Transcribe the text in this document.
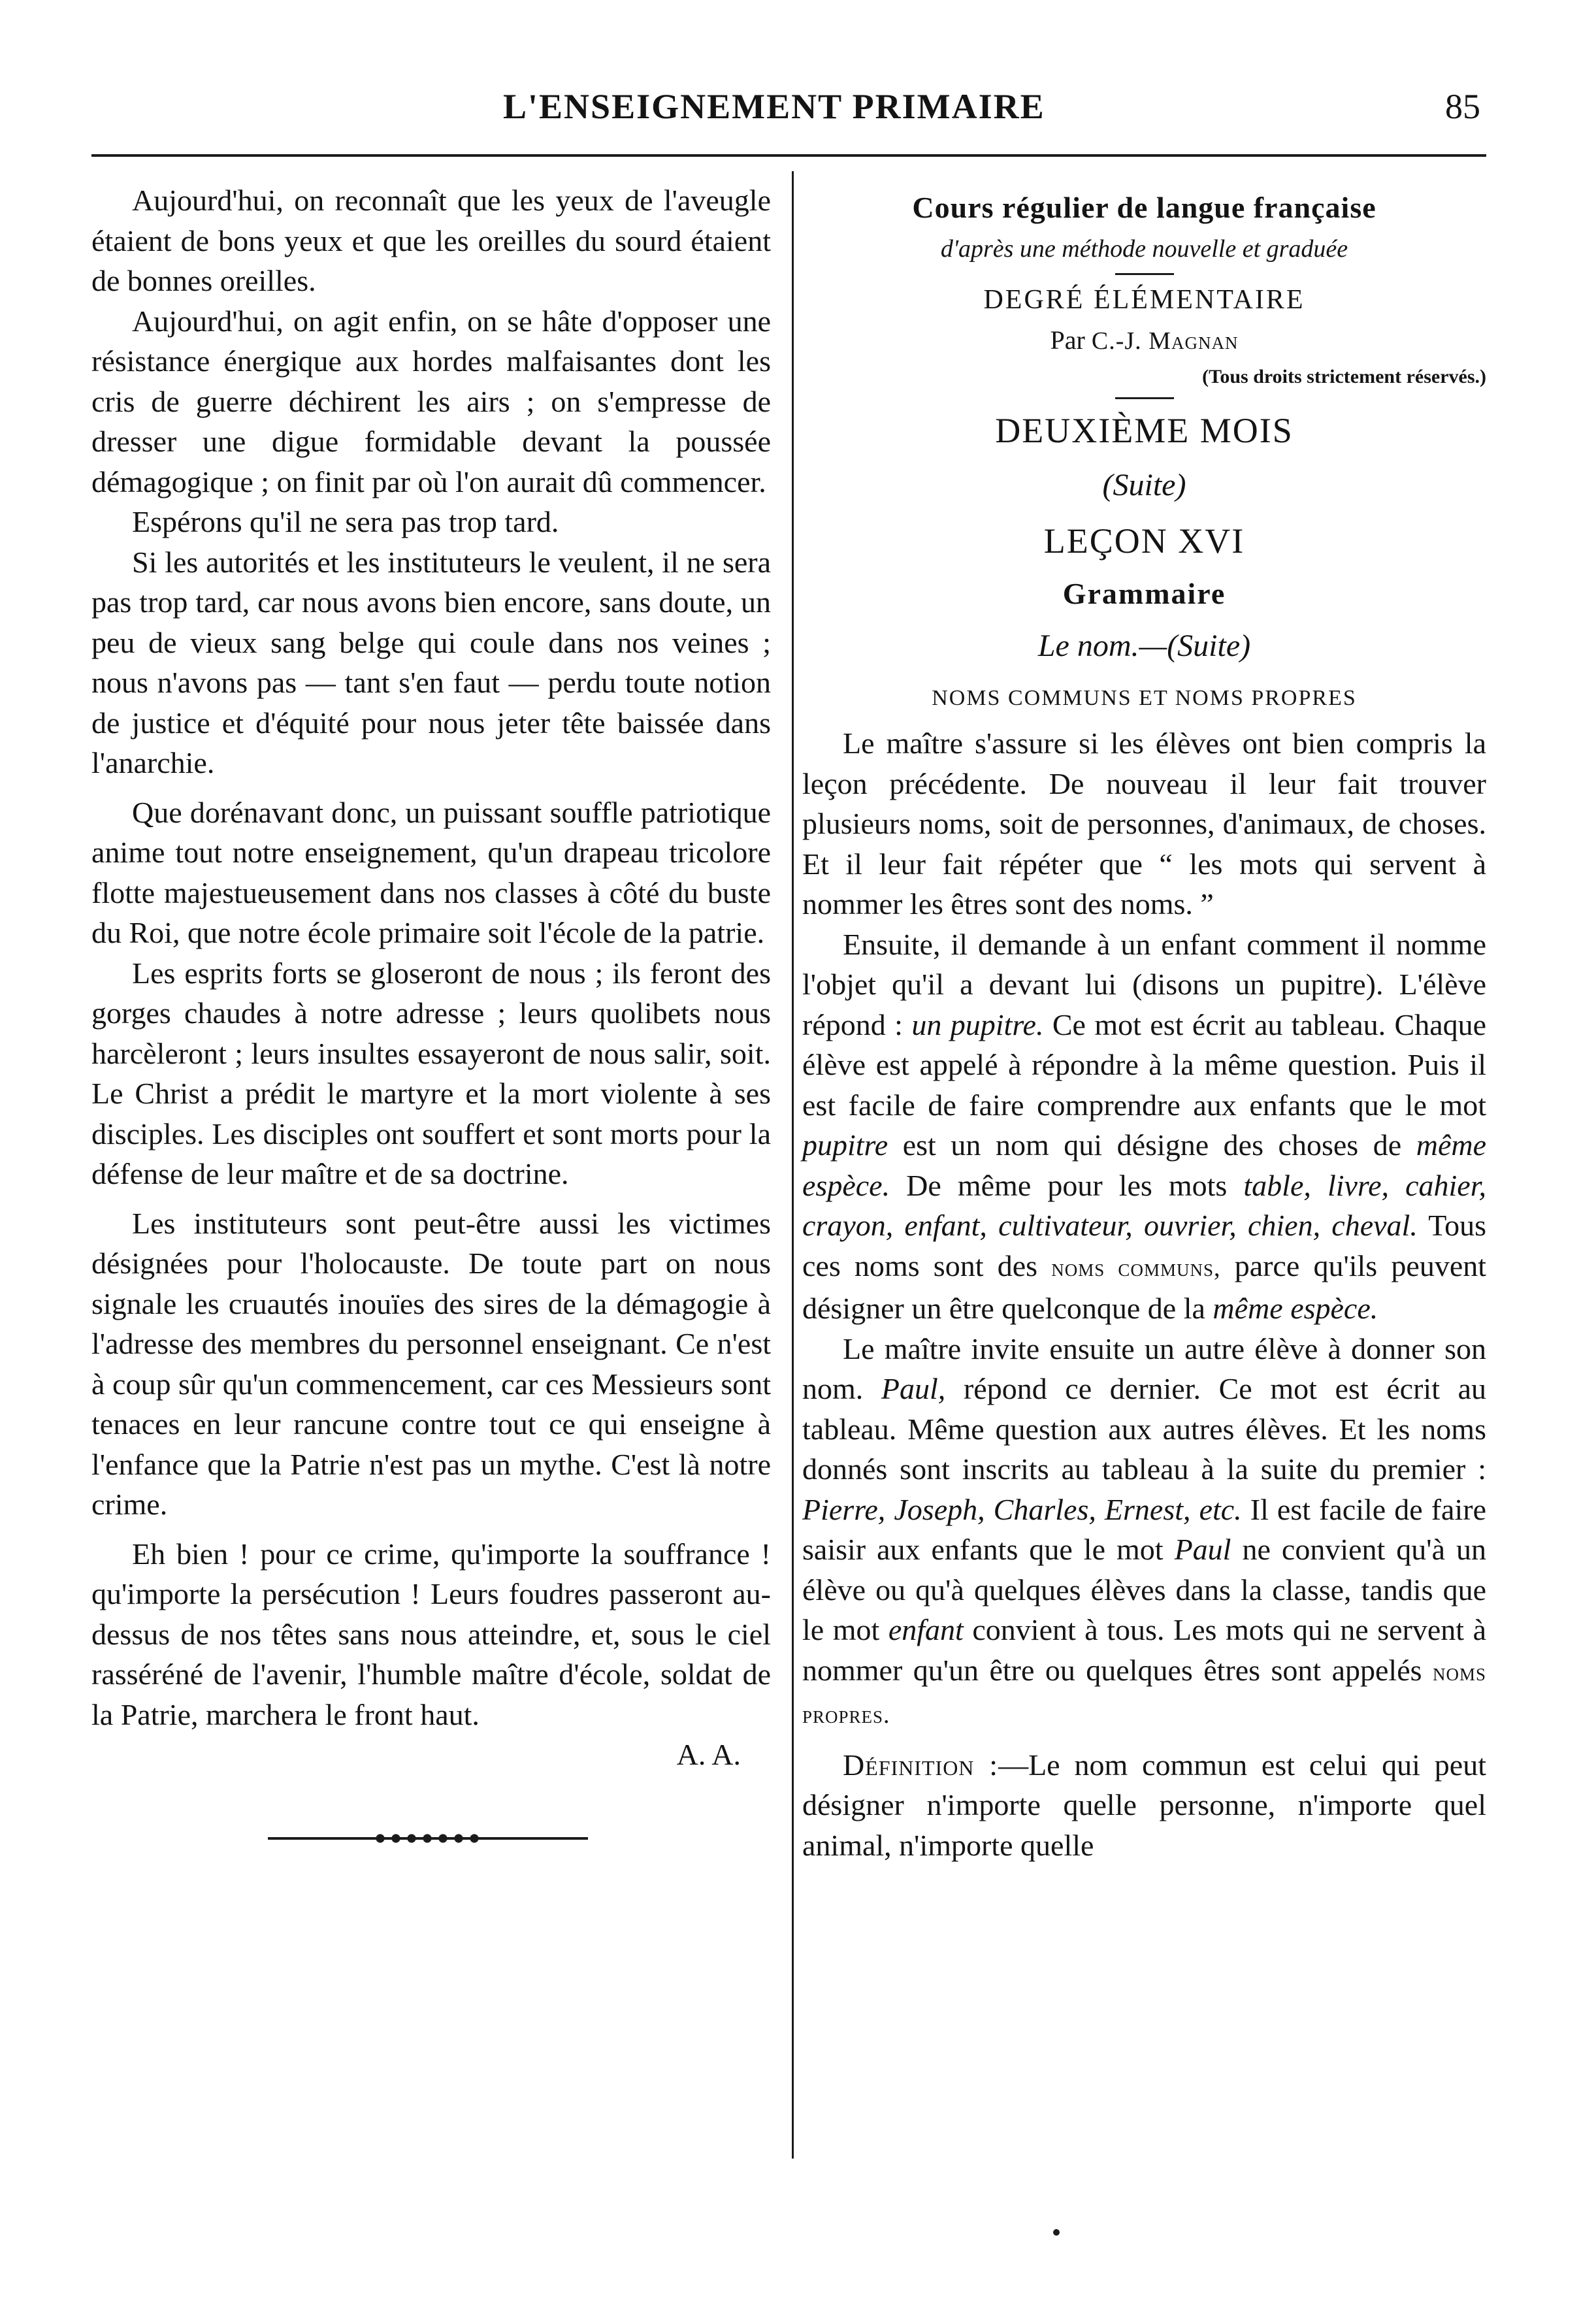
L'ENSEIGNEMENT PRIMAIRE	85

Aujourd'hui, on reconnaît que les yeux de l'aveugle étaient de bons yeux et que les oreilles du sourd étaient de bonnes oreilles.

Aujourd'hui, on agit enfin, on se hâte d'opposer une résistance énergique aux hordes malfaisantes dont les cris de guerre déchirent les airs ; on s'empresse de dresser une digue formidable devant la poussée démagogique ; on finit par où l'on aurait dû commencer.

Espérons qu'il ne sera pas trop tard.

Si les autorités et les instituteurs le veulent, il ne sera pas trop tard, car nous avons bien encore, sans doute, un peu de vieux sang belge qui coule dans nos veines ; nous n'avons pas — tant s'en faut — perdu toute notion de justice et d'équité pour nous jeter tête baissée dans l'anarchie.

Que dorénavant donc, un puissant souffle patriotique anime tout notre enseignement, qu'un drapeau tricolore flotte majestueusement dans nos classes à côté du buste du Roi, que notre école primaire soit l'école de la patrie.

Les esprits forts se gloseront de nous ; ils feront des gorges chaudes à notre adresse ; leurs quolibets nous harcèleront ; leurs insultes essayeront de nous salir, soit. Le Christ a prédit le martyre et la mort violente à ses disciples. Les disciples ont souffert et sont morts pour la défense de leur maître et de sa doctrine.

Les instituteurs sont peut-être aussi les victimes désignées pour l'holocauste. De toute part on nous signale les cruautés inouïes des sires de la démagogie à l'adresse des membres du personnel enseignant. Ce n'est à coup sûr qu'un commencement, car ces Messieurs sont tenaces en leur rancune contre tout ce qui enseigne à l'enfance que la Patrie n'est pas un mythe. C'est là notre crime.

Eh bien ! pour ce crime, qu'importe la souffrance ! qu'importe la persécution ! Leurs foudres passeront au-dessus de nos têtes sans nous atteindre, et, sous le ciel rasséréné de l'avenir, l'humble maître d'école, soldat de la Patrie, marchera le front haut.

A. A.

Cours régulier de langue française

d'après une méthode nouvelle et graduée

DEGRÉ ÉLÉMENTAIRE

Par C.-J. Magnan

(Tous droits strictement réservés.)

DEUXIÈME MOIS

(Suite)

LEÇON XVI

Grammaire

Le nom.—(Suite)

NOMS COMMUNS ET NOMS PROPRES

Le maître s'assure si les élèves ont bien compris la leçon précédente. De nouveau il leur fait trouver plusieurs noms, soit de personnes, d'animaux, de choses. Et il leur fait répéter que “ les mots qui servent à nommer les êtres sont des noms. ”

Ensuite, il demande à un enfant comment il nomme l'objet qu'il a devant lui (disons un pupitre). L'élève répond : un pupitre. Ce mot est écrit au tableau. Chaque élève est appelé à répondre à la même question. Puis il est facile de faire comprendre aux enfants que le mot pupitre est un nom qui désigne des choses de même espèce. De même pour les mots table, livre, cahier, crayon, enfant, cultivateur, ouvrier, chien, cheval. Tous ces noms sont des noms communs, parce qu'ils peuvent désigner un être quelconque de la même espèce.

Le maître invite ensuite un autre élève à donner son nom. Paul, répond ce dernier. Ce mot est écrit au tableau. Même question aux autres élèves. Et les noms donnés sont inscrits au tableau à la suite du premier : Pierre, Joseph, Charles, Ernest, etc. Il est facile de faire saisir aux enfants que le mot Paul ne convient qu'à un élève ou qu'à quelques élèves dans la classe, tandis que le mot enfant convient à tous. Les mots qui ne servent à nommer qu'un être ou quelques êtres sont appelés noms propres.

Définition :—Le nom commun est celui qui peut désigner n'importe quelle personne, n'importe quel animal, n'importe quelle
